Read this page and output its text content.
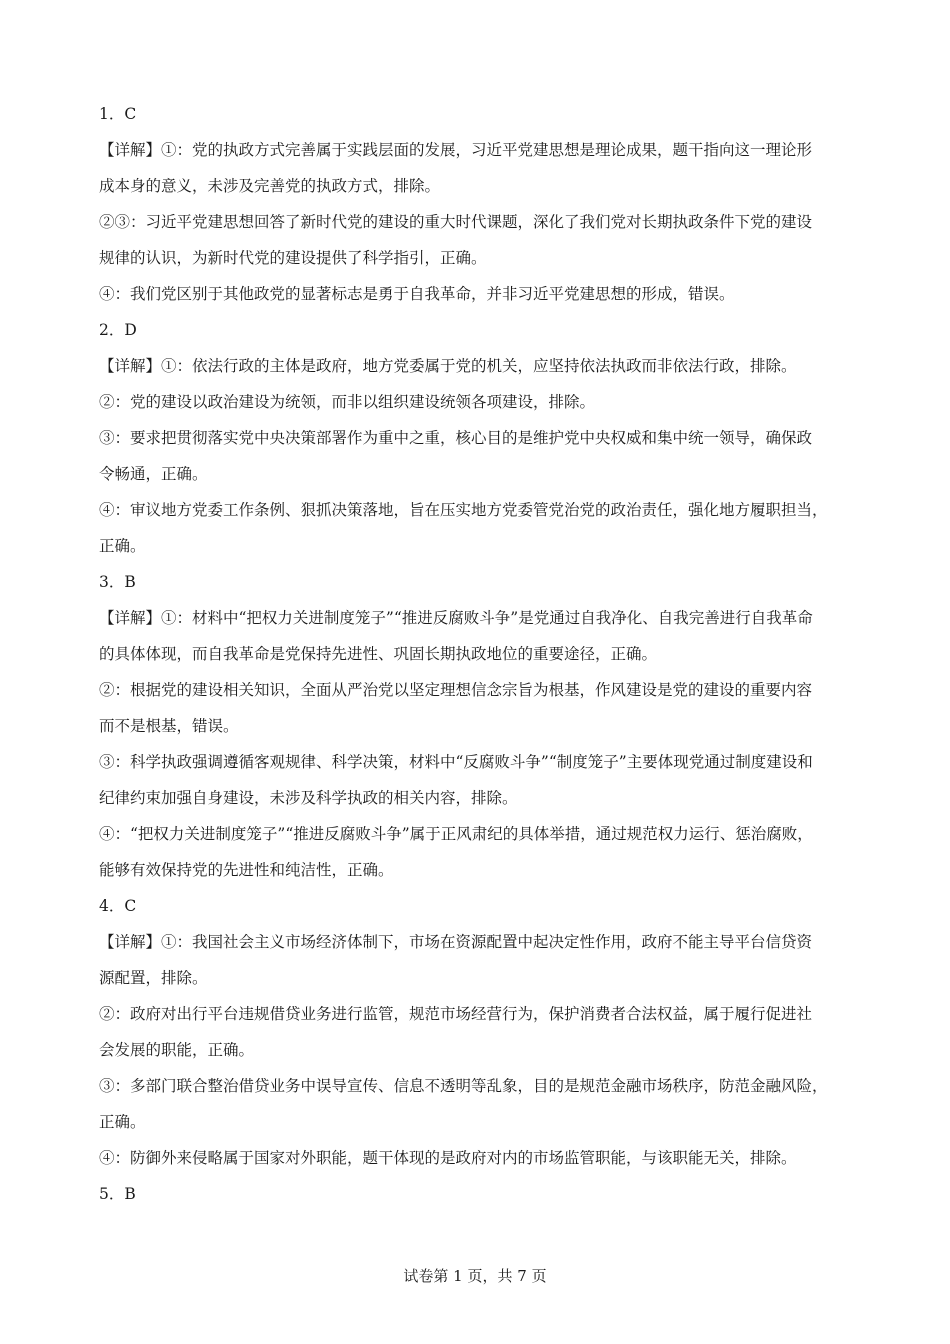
1．C
【详解】①：党的执政方式完善属于实践层面的发展，习近平党建思想是理论成果，题干指向这一理论形
成本身的意义，未涉及完善党的执政方式，排除。
②③：习近平党建思想回答了新时代党的建设的重大时代课题，深化了我们党对长期执政条件下党的建设
规律的认识，为新时代党的建设提供了科学指引，正确。
④：我们党区别于其他政党的显著标志是勇于自我革命，并非习近平党建思想的形成，错误。
2．D
【详解】①：依法行政的主体是政府，地方党委属于党的机关，应坚持依法执政而非依法行政，排除。
②：党的建设以政治建设为统领，而非以组织建设统领各项建设，排除。
③：要求把贯彻落实党中央决策部署作为重中之重，核心目的是维护党中央权威和集中统一领导，确保政
令畅通，正确。
④：审议地方党委工作条例、狠抓决策落地，旨在压实地方党委管党治党的政治责任，强化地方履职担当，
正确。
3．B
【详解】①：材料中“把权力关进制度笼子”“推进反腐败斗争”是党通过自我净化、自我完善进行自我革命
的具体体现，而自我革命是党保持先进性、巩固长期执政地位的重要途径，正确。
②：根据党的建设相关知识，全面从严治党以坚定理想信念宗旨为根基，作风建设是党的建设的重要内容
而不是根基，错误。
③：科学执政强调遵循客观规律、科学决策，材料中“反腐败斗争”“制度笼子”主要体现党通过制度建设和
纪律约束加强自身建设，未涉及科学执政的相关内容，排除。
④：“把权力关进制度笼子”“推进反腐败斗争”属于正风肃纪的具体举措，通过规范权力运行、惩治腐败，
能够有效保持党的先进性和纯洁性，正确。
4．C
【详解】①：我国社会主义市场经济体制下，市场在资源配置中起决定性作用，政府不能主导平台信贷资
源配置，排除。
②：政府对出行平台违规借贷业务进行监管，规范市场经营行为，保护消费者合法权益，属于履行促进社
会发展的职能，正确。
③：多部门联合整治借贷业务中误导宣传、信息不透明等乱象，目的是规范金融市场秩序，防范金融风险，
正确。
④：防御外来侵略属于国家对外职能，题干体现的是政府对内的市场监管职能，与该职能无关，排除。
5．B
试卷第 1 页，共 7 页
